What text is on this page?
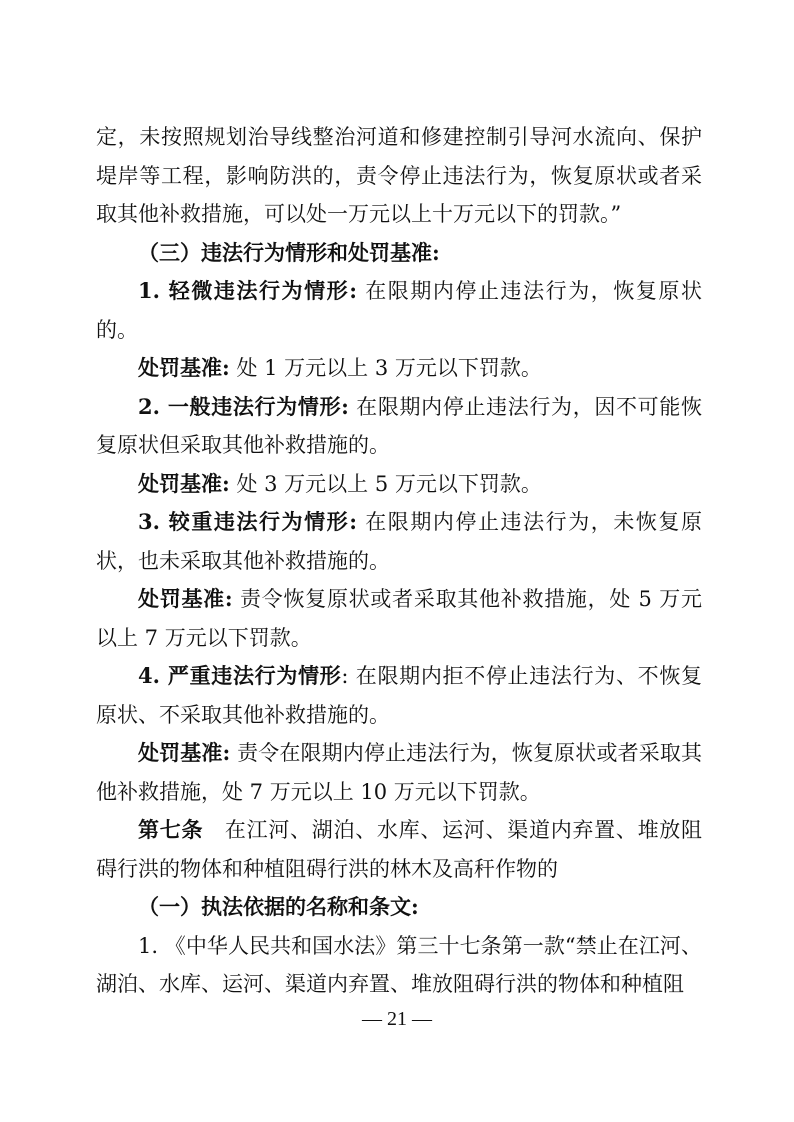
定，未按照规划治导线整治河道和修建控制引导河水流向、保护堤岸等工程，影响防洪的，责令停止违法行为，恢复原状或者采取其他补救措施，可以处一万元以上十万元以下的罚款。”

（三）违法行为情形和处罚基准:

1. 轻微违法行为情形: 在限期内停止违法行为，恢复原状的。

处罚基准: 处 1 万元以上 3 万元以下罚款。

2. 一般违法行为情形: 在限期内停止违法行为，因不可能恢复原状但采取其他补救措施的。

处罚基准: 处 3 万元以上 5 万元以下罚款。

3. 较重违法行为情形: 在限期内停止违法行为，未恢复原状，也未采取其他补救措施的。

处罚基准: 责令恢复原状或者采取其他补救措施，处 5 万元以上 7 万元以下罚款。

4. 严重违法行为情形: 在限期内拒不停止违法行为、不恢复原状、不采取其他补救措施的。

处罚基准: 责令在限期内停止违法行为，恢复原状或者采取其他补救措施，处 7 万元以上 10 万元以下罚款。

第七条　在江河、湖泊、水库、运河、渠道内弃置、堆放阻碍行洪的物体和种植阻碍行洪的林木及高秆作物的

（一）执法依据的名称和条文:

1. 《中华人民共和国水法》第三十七条第一款“禁止在江河、湖泊、水库、运河、渠道内弃置、堆放阻碍行洪的物体和种植阻

— 21 —
